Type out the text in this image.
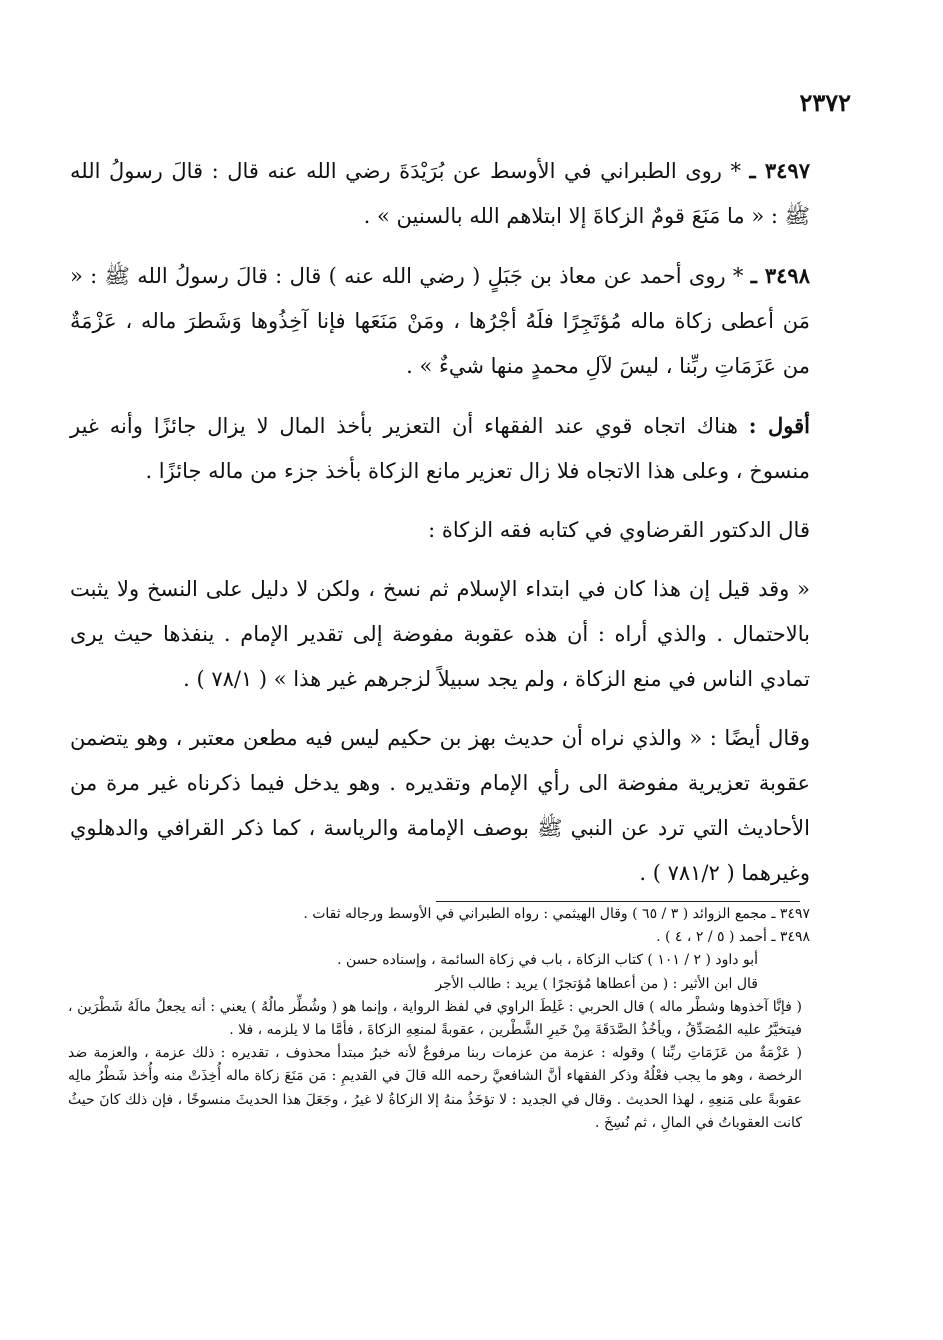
٢٣٧٢

٣٤٩٧ ـ * روى الطبراني في الأوسط عن بُرَيْدَةَ رضي الله عنه قال : قالَ رسولُ الله ﷺ : « ما مَنَعَ قومٌ الزكاةَ إلا ابتلاهم الله بالسنين » .

٣٤٩٨ ـ * روى أحمد عن معاذ بن جَبَلٍ ( رضي الله عنه ) قال : قالَ رسولُ الله ﷺ : « مَن أعطى زكاة ماله مُؤتَجِرًا فلَهُ أجْرُها ، ومَنْ مَنَعَها فإنا آخِذُوها وَشَطرَ ماله ، عَزْمَةٌ من عَزَمَاتِ ربِّنا ، ليسَ لآلِ محمدٍ منها شيءٌ » .

أقول : هناك اتجاه قوي عند الفقهاء أن التعزير بأخذ المال لا يزال جائزًا وأنه غير منسوخ ، وعلى هذا الاتجاه فلا زال تعزير مانع الزكاة بأخذ جزء من ماله جائزًا .

قال الدكتور القرضاوي في كتابه فقه الزكاة :

« وقد قيل إن هذا كان في ابتداء الإسلام ثم نسخ ، ولكن لا دليل على النسخ ولا يثبت بالاحتمال . والذي أراه : أن هذه عقوبة مفوضة إلى تقدير الإمام . ينفذها حيث يرى تمادي الناس في منع الزكاة ، ولم يجد سبيلاً لزجرهم غير هذا » ( ٧٨/١ ) .

وقال أيضًا : « والذي نراه أن حديث بهز بن حكيم ليس فيه مطعن معتبر ، وهو يتضمن عقوبة تعزيرية مفوضة الى رأي الإمام وتقديره . وهو يدخل فيما ذكرناه غير مرة من الأحاديث التي ترد عن النبي ﷺ بوصف الإمامة والرياسة ، كما ذكر القرافي والدهلوي وغيرهما ( ٧٨١/٢ ) .

٣٤٩٧ ـ مجمع الزوائد ( ٣ / ٦٥ ) وقال الهيثمي : رواه الطبراني في الأوسط ورجاله ثقات .

٣٤٩٨ ـ أحمد ( ٥ / ٢ ، ٤ ) .

أبو داود ( ٢ / ١٠١ ) كتاب الزكاة ، باب في زكاة السائمة ، وإسناده حسن .

قال ابن الأثير : ( من أعطاها مُؤتجرًا ) يريد : طالب الأجر

( فإنَّا آخذوها وشطْر ماله ) قال الحربي : غَلِطَ الراوي في لفظ الرواية ، وإنما هو ( وشُطِّر مالُهُ ) يعني : أنه يجعلُ مالَهُ شَطْرَين ، فيتخيَّرُ عليه المُصَدِّقُ ، ويأخُذُ الصَّدَقَةَ مِنْ خَيرِ الشَّطْرين ، عقوبةً لمنعِهِ الزكاةَ ، فأمَّا ما لا يلزمه ، فلا .

( عَزْمَةٌ من عَزَمَاتِ ربِّنا ) وقوله : عزمة من عزمات ربنا مرفوعٌ لأنه خبرُ مبتدأ محذوف ، تقديره : ذلك عزمة ، والعزمة ضد الرخصة ، وهو ما يجب فعْلُهُ وذكر الفقهاء أنَّ الشافعيَّ رحمه الله قالَ في القديمِ : مَن مَنَعَ زكاة ماله أُخِذَتْ منه وأُخذ شَطْرُ مالِه عقوبةً على مَنعِهِ ، لهذا الحديث . وقال في الجديد : لا تؤخَذُ منهُ إلا الزكاةُ لا غيرُ ، وجَعَلَ هذا الحديثَ منسوخًا ، فإن ذلك كانَ حيثُ كانت العقوباتُ في المالِ ، ثم نُسِخَ .
